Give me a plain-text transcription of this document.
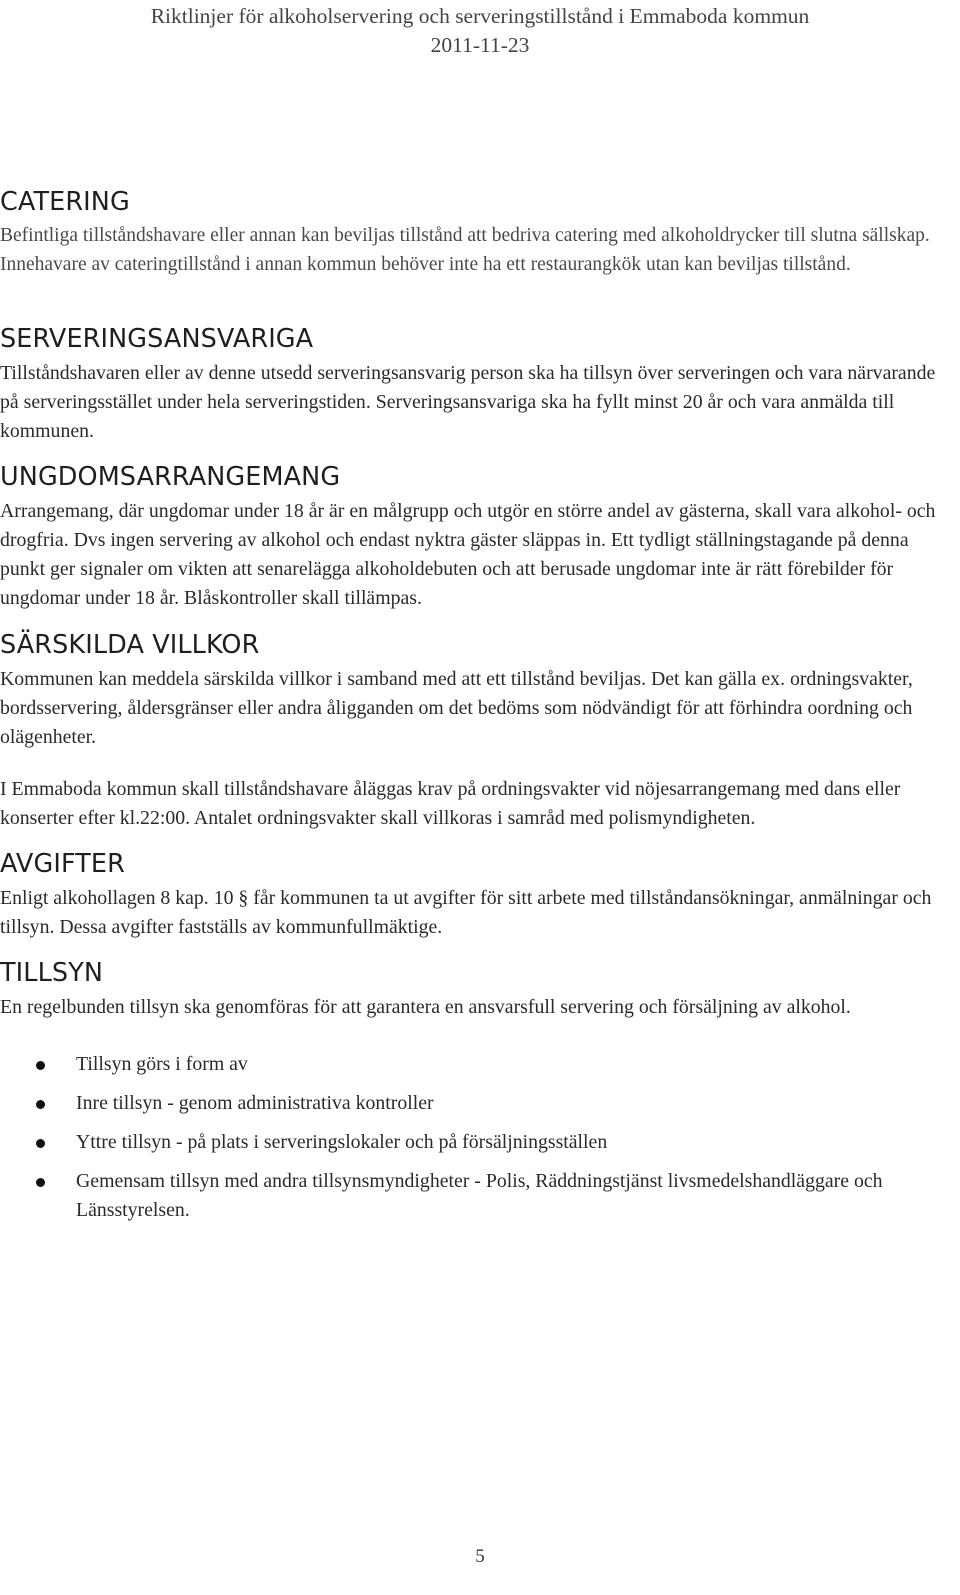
Riktlinjer för alkoholservering och serveringstillstånd i Emmaboda kommun
2011-11-23
CATERING

Befintliga tillståndshavare eller annan kan beviljas tillstånd att bedriva catering med alkoholdrycker till slutna sällskap. Innehavare av cateringtillstånd i annan kommun behöver inte ha ett restaurangkök utan kan beviljas tillstånd.

SERVERINGSANSVARIGA

Tillståndshavaren eller av denne utsedd serveringsansvarig person ska ha tillsyn över serveringen och vara närvarande på serveringsstället under hela serveringstiden. Serveringsansvariga ska ha fyllt minst 20 år och vara anmälda till kommunen.

UNGDOMSARRANGEMANG

Arrangemang, där ungdomar under 18 år är en målgrupp och utgör en större andel av gästerna, skall vara alkohol- och drogfria. Dvs ingen servering av alkohol och endast nyktra gäster släppas in. Ett tydligt ställningstagande på denna punkt ger signaler om vikten att senarelägga alkoholdebuten och att berusade ungdomar inte är rätt förebilder för ungdomar under 18 år. Blåskontroller skall tillämpas.

SÄRSKILDA VILLKOR

Kommunen kan meddela särskilda villkor i samband med att ett tillstånd beviljas. Det kan gälla ex. ordningsvakter, bordsservering, åldersgränser eller andra åligganden om det bedöms som nödvändigt för att förhindra oordning och olägenheter.

I Emmaboda kommun skall tillståndshavare åläggas krav på ordningsvakter vid nöjesarrangemang med dans eller konserter efter kl.22:00. Antalet ordningsvakter skall villkoras i samråd med polismyndigheten.

AVGIFTER

Enligt alkohollagen 8 kap. 10 § får kommunen ta ut avgifter för sitt arbete med tillståndansökningar, anmälningar och tillsyn. Dessa avgifter fastställs av kommunfullmäktige.

TILLSYN

En regelbunden tillsyn ska genomföras för att garantera en ansvarsfull servering och försäljning av alkohol.

Tillsyn görs i form av
Inre tillsyn - genom administrativa kontroller
Yttre tillsyn - på plats i serveringslokaler och på försäljningsställen
Gemensam tillsyn med andra tillsynsmyndigheter - Polis, Räddningstjänst livsmedelshandläggare och Länsstyrelsen.
5
